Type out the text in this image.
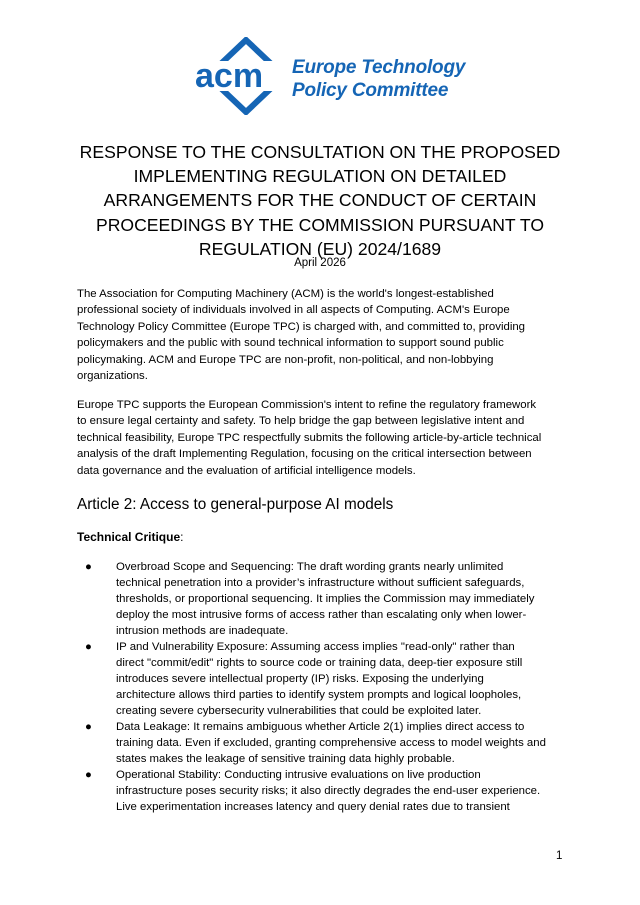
acm Europe Technology
Policy Committee
RESPONSE TO THE CONSULTATION ON THE PROPOSED
IMPLEMENTING REGULATION ON DETAILED
ARRANGEMENTS FOR THE CONDUCT OF CERTAIN
PROCEEDINGS BY THE COMMISSION PURSUANT TO
REGULATION (EU) 2024/1689
April 2026
The Association for Computing Machinery (ACM) is the world's longest-established
professional society of individuals involved in all aspects of Computing. ACM's Europe
Technology Policy Committee (Europe TPC) is charged with, and committed to, providing
policymakers and the public with sound technical information to support sound public
policymaking. ACM and Europe TPC are non-profit, non-political, and non-lobbying
organizations.
Europe TPC supports the European Commission's intent to refine the regulatory framework
to ensure legal certainty and safety. To help bridge the gap between legislative intent and
technical feasibility, Europe TPC respectfully submits the following article-by-article technical
analysis of the draft Implementing Regulation, focusing on the critical intersection between
data governance and the evaluation of artificial intelligence models.
Article 2: Access to general-purpose AI models
Technical Critique:
● Overbroad Scope and Sequencing: The draft wording grants nearly unlimited
technical penetration into a provider’s infrastructure without sufficient safeguards,
thresholds, or proportional sequencing. It implies the Commission may immediately
deploy the most intrusive forms of access rather than escalating only when lower-
intrusion methods are inadequate.
● IP and Vulnerability Exposure: Assuming access implies "read-only" rather than
direct "commit/edit" rights to source code or training data, deep-tier exposure still
introduces severe intellectual property (IP) risks. Exposing the underlying
architecture allows third parties to identify system prompts and logical loopholes,
creating severe cybersecurity vulnerabilities that could be exploited later.
● Data Leakage: It remains ambiguous whether Article 2(1) implies direct access to
training data. Even if excluded, granting comprehensive access to model weights and
states makes the leakage of sensitive training data highly probable.
● Operational Stability: Conducting intrusive evaluations on live production
infrastructure poses security risks; it also directly degrades the end-user experience.
Live experimentation increases latency and query denial rates due to transient
1
